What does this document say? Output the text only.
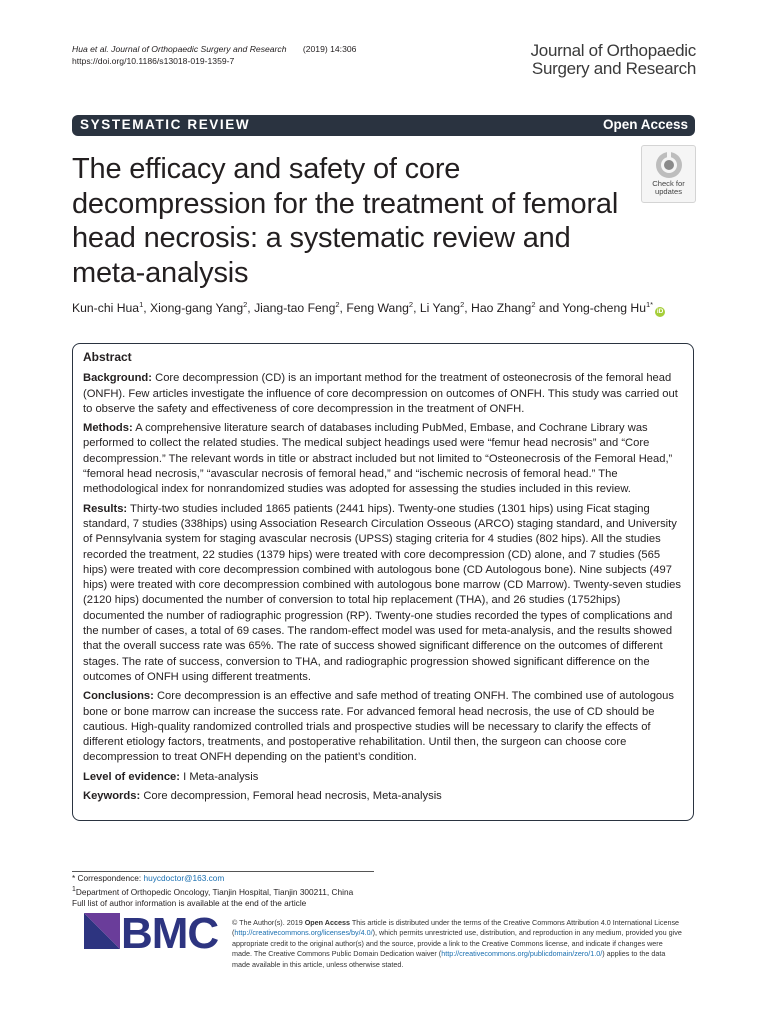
Hua et al. Journal of Orthopaedic Surgery and Research (2019) 14:306
https://doi.org/10.1186/s13018-019-1359-7
Journal of Orthopaedic
Surgery and Research
SYSTEMATIC REVIEW	Open Access
The efficacy and safety of core decompression for the treatment of femoral head necrosis: a systematic review and meta-analysis
Check for
updates
Kun-chi Hua$^1$, Xiong-gang Yang$^2$, Jiang-tao Feng$^2$, Feng Wang$^2$, Li Yang$^2$, Hao Zhang$^2$ and Yong-cheng $Hu^{1*}iD$
Abstract

Background: Core decompression (CD) is an important method for the treatment of osteonecrosis of the femoral head (ONFH). Few articles investigate the influence of core decompression on outcomes of ONFH. This study was carried out to observe the safety and effectiveness of core decompression in the treatment of ONFH.

Methods: A comprehensive literature search of databases including PubMed, Embase, and Cochrane Library was performed to collect the related studies. The medical subject headings used were “femur head necrosis” and “Core decompression.” The relevant words in title or abstract included but not limited to “Osteonecrosis of the Femoral Head,” “femoral head necrosis,” “avascular necrosis of femoral head,” and “ischemic necrosis of femoral head.” The methodological index for nonrandomized studies was adopted for assessing the studies included in this review.

Results: Thirty-two studies included 1865 patients (2441 hips). Twenty-one studies (1301 hips) using Ficat staging standard, 7 studies (338hips) using Association Research Circulation Osseous (ARCO) staging standard, and University of Pennsylvania system for staging avascular necrosis (UPSS) staging criteria for 4 studies (802 hips). All the studies recorded the treatment, 22 studies (1379 hips) were treated with core decompression (CD) alone, and 7 studies (565 hips) were treated with core decompression combined with autologous bone (CD Autologous bone). Nine subjects (497 hips) were treated with core decompression combined with autologous bone marrow (CD Marrow). Twenty-seven studies (2120 hips) documented the number of conversion to total hip replacement (THA), and 26 studies (1752hips) documented the number of radiographic progression (RP). Twenty-one studies recorded the types of complications and the number of cases, a total of 69 cases. The random-effect model was used for meta-analysis, and the results showed that the overall success rate was 65%. The rate of success showed significant difference on the outcomes of different stages. The rate of success, conversion to THA, and radiographic progression showed significant difference on the outcomes of ONFH using different treatments.

Conclusions: Core decompression is an effective and safe method of treating ONFH. The combined use of autologous bone or bone marrow can increase the success rate. For advanced femoral head necrosis, the use of CD should be cautious. High-quality randomized controlled trials and prospective studies will be necessary to clarify the effects of different etiology factors, treatments, and postoperative rehabilitation. Until then, the surgeon can choose core decompression to treat ONFH depending on the patient’s condition.

Level of evidence: I Meta-analysis

Keywords: Core decompression, Femoral head necrosis, Meta-analysis

* Correspondence: huycdoctor@163.com
$^1$Department of Orthopedic Oncology, Tianjin Hospital, Tianjin 300211, China
Full list of author information is available at the end of the article
BMC © The Author(s). 2019 Open Access This article is distributed under the terms of the Creative Commons Attribution 4.0 International License (http://creativecommons.org/licenses/by/4.0/), which permits unrestricted use, distribution, and reproduction in any medium, provided you give appropriate credit to the original author(s) and the source, provide a link to the Creative Commons license, and indicate if changes were made. The Creative Commons Public Domain Dedication waiver (http://creativecommons.org/publicdomain/zero/1.0/) applies to the data made available in this article, unless otherwise stated.
